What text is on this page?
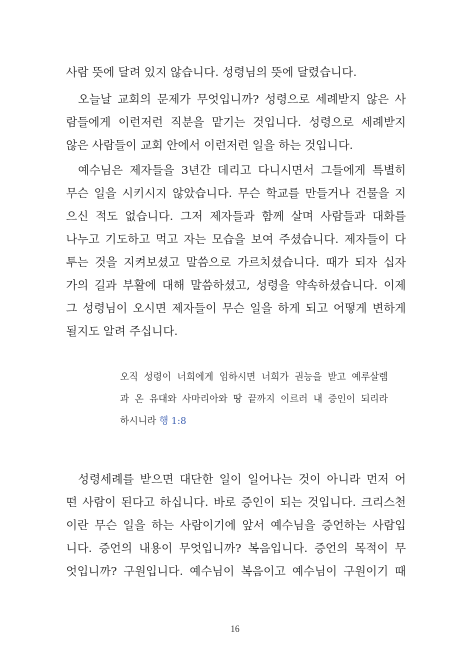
사람 뜻에 달려 있지 않습니다. 성령님의 뜻에 달렸습니다.
오늘날 교회의 문제가 무엇입니까? 성령으로 세례받지 않은 사
람들에게 이런저런 직분을 맡기는 것입니다. 성령으로 세례받지
않은 사람들이 교회 안에서 이런저런 일을 하는 것입니다.
예수님은 제자들을 3년간 데리고 다니시면서 그들에게 특별히
무슨 일을 시키시지 않았습니다. 무슨 학교를 만들거나 건물을 지
으신 적도 없습니다. 그저 제자들과 함께 살며 사람들과 대화를
나누고 기도하고 먹고 자는 모습을 보여 주셨습니다. 제자들이 다
투는 것을 지켜보셨고 말씀으로 가르치셨습니다. 때가 되자 십자
가의 길과 부활에 대해 말씀하셨고, 성령을 약속하셨습니다. 이제
그 성령님이 오시면 제자들이 무슨 일을 하게 되고 어떻게 변하게
될지도 알려 주십니다.
오직 성령이 너희에게 임하시면 너희가 권능을 받고 예루살렘
과 온 유대와 사마리아와 땅 끝까지 이르러 내 증인이 되리라
하시니라 행 1:8
성령세례를 받으면 대단한 일이 일어나는 것이 아니라 먼저 어
떤 사람이 된다고 하십니다. 바로 증인이 되는 것입니다. 크리스천
이란 무슨 일을 하는 사람이기에 앞서 예수님을 증언하는 사람입
니다. 증언의 내용이 무엇입니까? 복음입니다. 증언의 목적이 무
엇입니까? 구원입니다. 예수님이 복음이고 예수님이 구원이기 때
16
